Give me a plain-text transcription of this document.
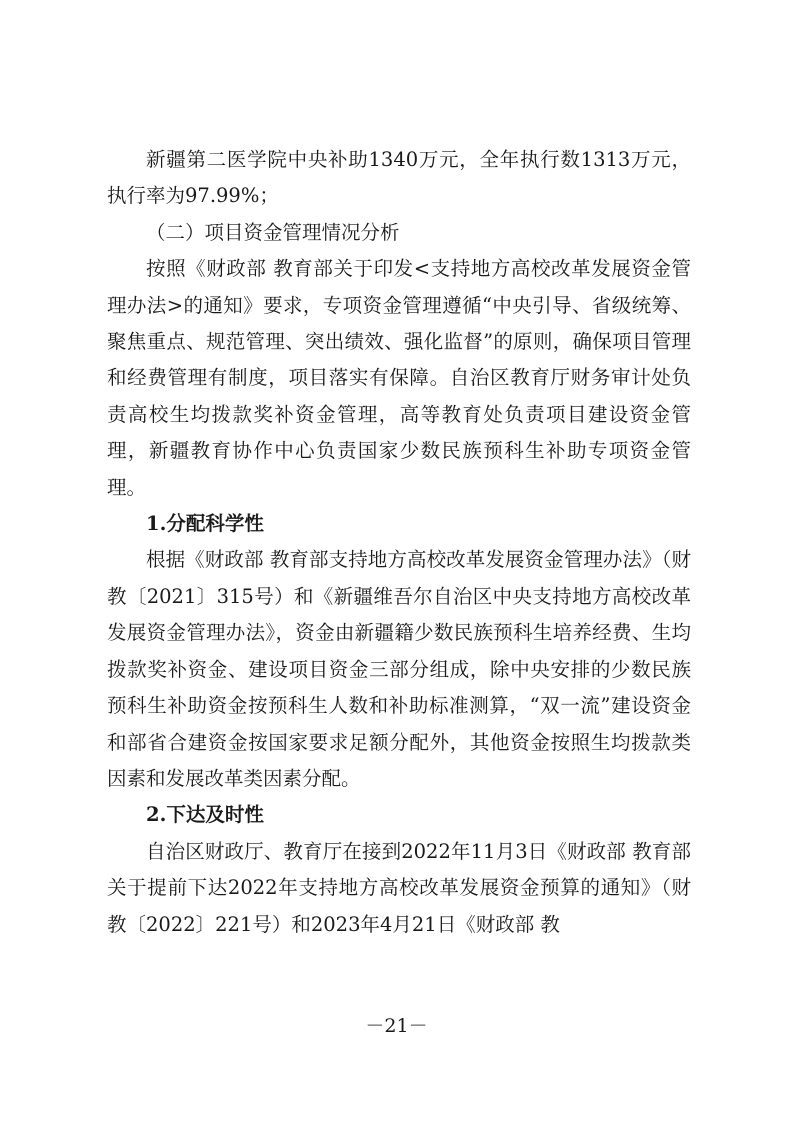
新疆第二医学院中央补助1340万元，全年执行数1313万元，执行率为97.99%；

（二）项目资金管理情况分析

按照《财政部 教育部关于印发<支持地方高校改革发展资金管理办法>的通知》要求，专项资金管理遵循“中央引导、省级统筹、聚焦重点、规范管理、突出绩效、强化监督”的原则，确保项目管理和经费管理有制度，项目落实有保障。自治区教育厅财务审计处负责高校生均拨款奖补资金管理，高等教育处负责项目建设资金管理，新疆教育协作中心负责国家少数民族预科生补助专项资金管理。

1.分配科学性

根据《财政部 教育部支持地方高校改革发展资金管理办法》（财教〔2021〕315号）和《新疆维吾尔自治区中央支持地方高校改革发展资金管理办法》，资金由新疆籍少数民族预科生培养经费、生均拨款奖补资金、建设项目资金三部分组成，除中央安排的少数民族预科生补助资金按预科生人数和补助标准测算，“双一流”建设资金和部省合建资金按国家要求足额分配外，其他资金按照生均拨款类因素和发展改革类因素分配。

2.下达及时性

自治区财政厅、教育厅在接到2022年11月3日《财政部 教育部关于提前下达2022年支持地方高校改革发展资金预算的通知》（财教〔2022〕221号）和2023年4月21日《财政部 教

－21－
